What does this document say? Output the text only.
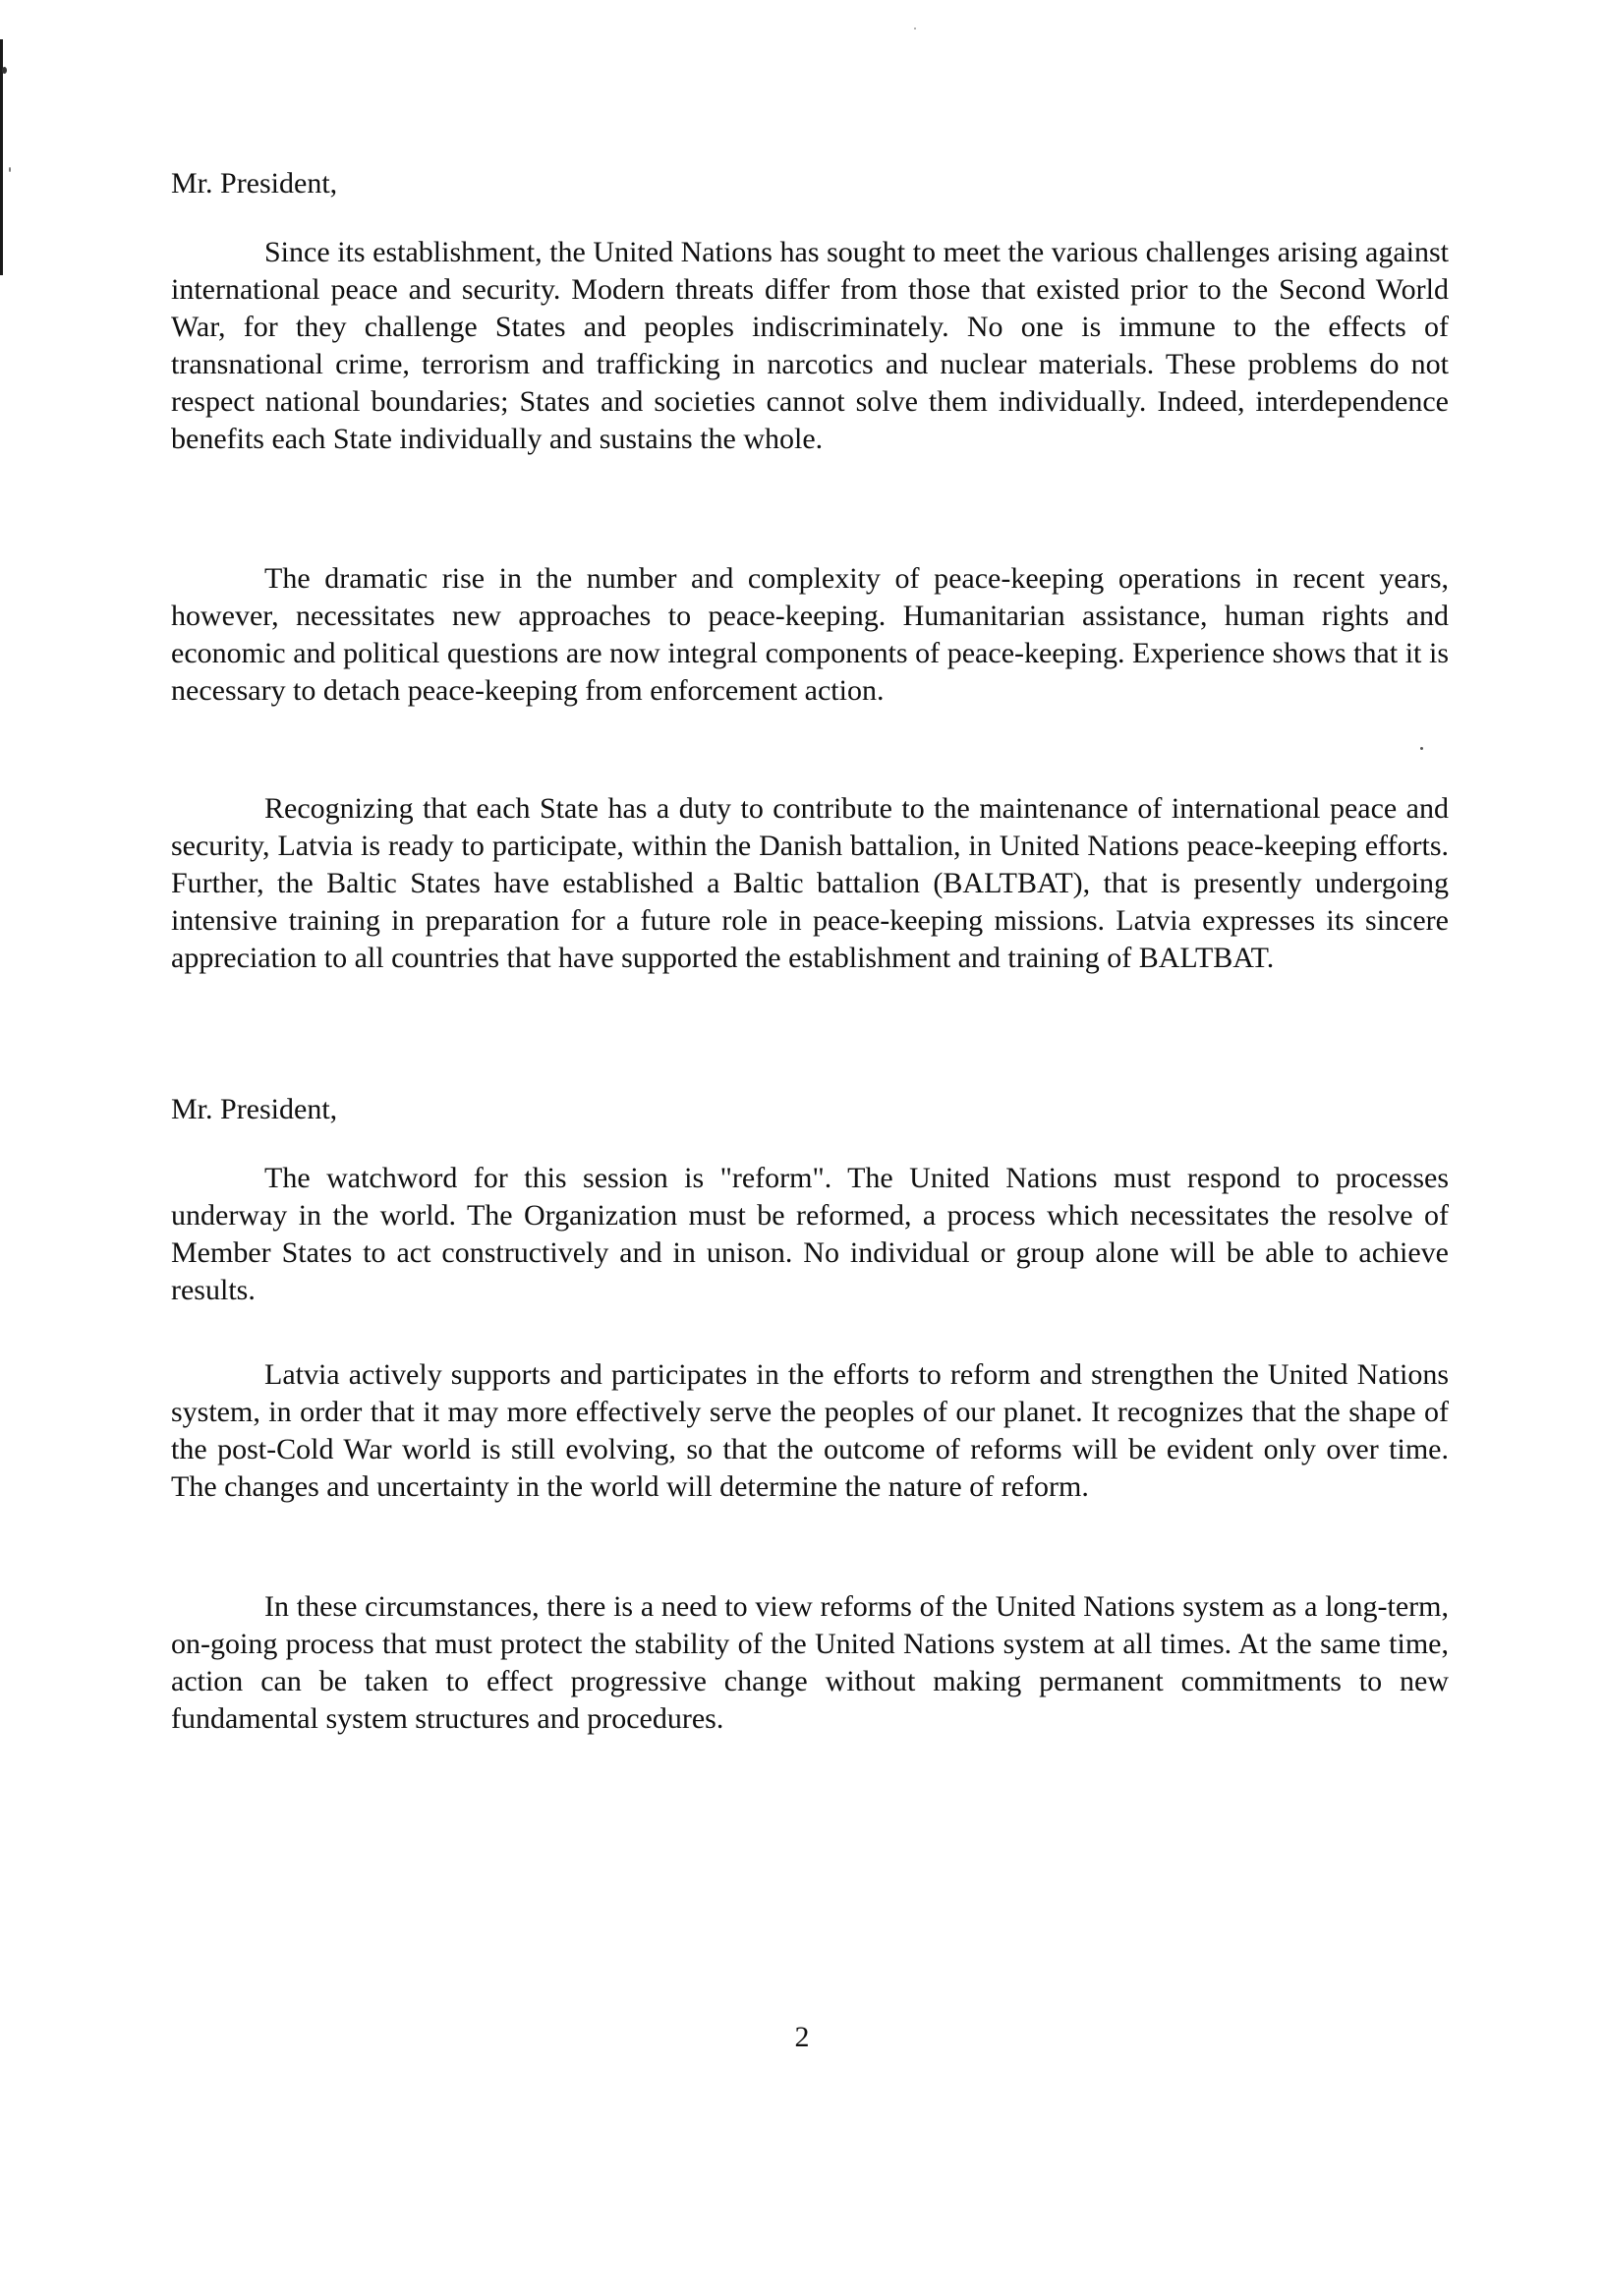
Mr. President,

Since its establishment, the United Nations has sought to meet the various challenges arising against international peace and security. Modern threats differ from those that existed prior to the Second World War, for they challenge States and peoples indiscriminately. No one is immune to the effects of transnational crime, terrorism and trafficking in narcotics and nuclear materials. These problems do not respect national boundaries; States and societies cannot solve them individually. Indeed, interdependence benefits each State individually and sustains the whole.

The dramatic rise in the number and complexity of peace-keeping operations in recent years, however, necessitates new approaches to peace-keeping. Humanitarian assistance, human rights and economic and political questions are now integral components of peace-keeping. Experience shows that it is necessary to detach peace-keeping from enforcement action.

Recognizing that each State has a duty to contribute to the maintenance of international peace and security, Latvia is ready to participate, within the Danish battalion, in United Nations peace-keeping efforts. Further, the Baltic States have established a Baltic battalion (BALTBAT), that is presently undergoing intensive training in preparation for a future role in peace-keeping missions. Latvia expresses its sincere appreciation to all countries that have supported the establishment and training of BALTBAT.

Mr. President,

The watchword for this session is "reform". The United Nations must respond to processes underway in the world. The Organization must be reformed, a process which necessitates the resolve of Member States to act constructively and in unison. No individual or group alone will be able to achieve results.

Latvia actively supports and participates in the efforts to reform and strengthen the United Nations system, in order that it may more effectively serve the peoples of our planet. It recognizes that the shape of the post-Cold War world is still evolving, so that the outcome of reforms will be evident only over time. The changes and uncertainty in the world will determine the nature of reform.

In these circumstances, there is a need to view reforms of the United Nations system as a long-term, on-going process that must protect the stability of the United Nations system at all times. At the same time, action can be taken to effect progressive change without making permanent commitments to new fundamental system structures and procedures.

2
